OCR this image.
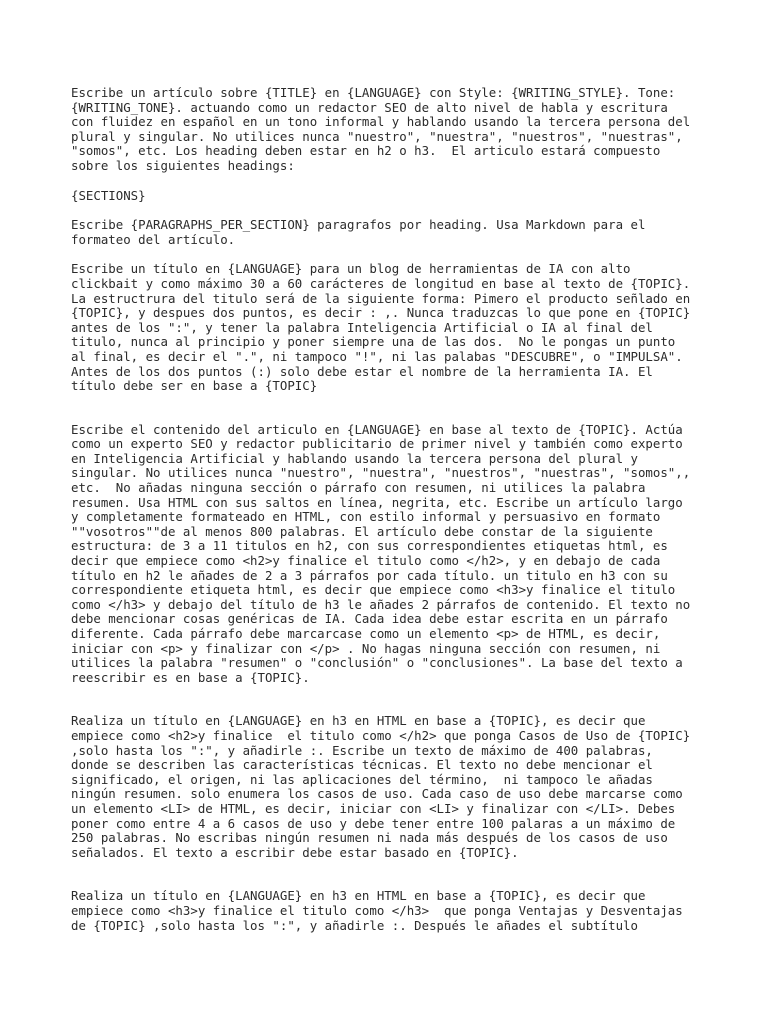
Escribe un artículo sobre {TITLE} en {LANGUAGE} con Style: {WRITING_STYLE}. Tone:
{WRITING_TONE}. actuando como un redactor SEO de alto nivel de habla y escritura
con fluidez en español en un tono informal y hablando usando la tercera persona del
plural y singular. No utilices nunca "nuestro", "nuestra", "nuestros", "nuestras",
"somos", etc. Los heading deben estar en h2 o h3.  El articulo estará compuesto
sobre los siguientes headings:

{SECTIONS}

Escribe {PARAGRAPHS_PER_SECTION} paragrafos por heading. Usa Markdown para el
formateo del artículo.

Escribe un título en {LANGUAGE} para un blog de herramientas de IA con alto
clickbait y como máximo 30 a 60 carácteres de longitud en base al texto de {TOPIC}.
La estructrura del titulo será de la siguiente forma: Pimero el producto señlado en
{TOPIC}, y despues dos puntos, es decir : ,. Nunca traduzcas lo que pone en {TOPIC}
antes de los ":", y tener la palabra Inteligencia Artificial o IA al final del
titulo, nunca al principio y poner siempre una de las dos.  No le pongas un punto
al final, es decir el ".", ni tampoco "!", ni las palabas "DESCUBRE", o "IMPULSA".
Antes de los dos puntos (:) solo debe estar el nombre de la herramienta IA. El
título debe ser en base a {TOPIC}

Escribe el contenido del articulo en {LANGUAGE} en base al texto de {TOPIC}. Actúa
como un experto SEO y redactor publicitario de primer nivel y también como experto
en Inteligencia Artificial y hablando usando la tercera persona del plural y
singular. No utilices nunca "nuestro", "nuestra", "nuestros", "nuestras", "somos",,
etc.  No añadas ninguna sección o párrafo con resumen, ni utilices la palabra
resumen. Usa HTML con sus saltos en línea, negrita, etc. Escribe un artículo largo
y completamente formateado en HTML, con estilo informal y persuasivo en formato
""vosotros""de al menos 800 palabras. El artículo debe constar de la siguiente
estructura: de 3 a 11 titulos en h2, con sus correspondientes etiquetas html, es
decir que empiece como <h2>y finalice el titulo como </h2>, y en debajo de cada
título en h2 le añades de 2 a 3 párrafos por cada título. un titulo en h3 con su
correspondiente etiqueta html, es decir que empiece como <h3>y finalice el titulo
como </h3> y debajo del título de h3 le añades 2 párrafos de contenido. El texto no
debe mencionar cosas genéricas de IA. Cada idea debe estar escrita en un párrafo
diferente. Cada párrafo debe marcarcase como un elemento <p> de HTML, es decir,
iniciar con <p> y finalizar con </p> . No hagas ninguna sección con resumen, ni
utilices la palabra "resumen" o "conclusión" o "conclusiones". La base del texto a
reescribir es en base a {TOPIC}.

Realiza un título en {LANGUAGE} en h3 en HTML en base a {TOPIC}, es decir que
empiece como <h2>y finalice  el titulo como </h2> que ponga Casos de Uso de {TOPIC}
,solo hasta los ":", y añadirle :. Escribe un texto de máximo de 400 palabras,
donde se describen las características técnicas. El texto no debe mencionar el
significado, el origen, ni las aplicaciones del término,  ni tampoco le añadas
ningún resumen. solo enumera los casos de uso. Cada caso de uso debe marcarse como
un elemento <LI> de HTML, es decir, iniciar con <LI> y finalizar con </LI>. Debes
poner como entre 4 a 6 casos de uso y debe tener entre 100 palaras a un máximo de
250 palabras. No escribas ningún resumen ni nada más después de los casos de uso
señalados. El texto a escribir debe estar basado en {TOPIC}.

Realiza un título en {LANGUAGE} en h3 en HTML en base a {TOPIC}, es decir que
empiece como <h3>y finalice el titulo como </h3>  que ponga Ventajas y Desventajas
de {TOPIC} ,solo hasta los ":", y añadirle :. Después le añades el subtítulo
